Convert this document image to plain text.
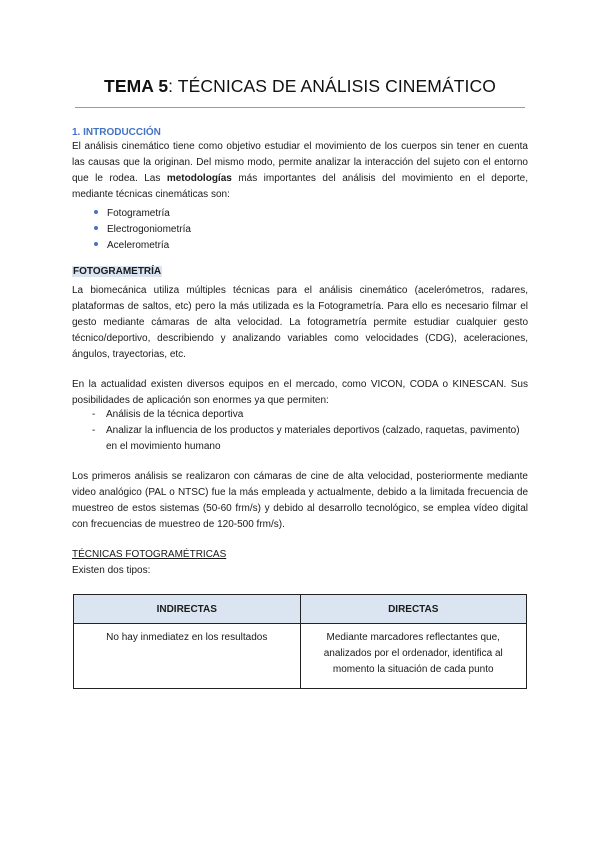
TEMA 5: TÉCNICAS DE ANÁLISIS CINEMÁTICO
1. INTRODUCCIÓN
El análisis cinemático tiene como objetivo estudiar el movimiento de los cuerpos sin tener en cuenta
las causas que la originan. Del mismo modo, permite analizar la interacción del sujeto con el entorno
que le rodea. Las metodologías más importantes del análisis del movimiento en el deporte,
mediante técnicas cinemáticas son:
Fotogrametría
Electrogoniometría
Acelerometría
FOTOGRAMETRÍA
La biomecánica utiliza múltiples técnicas para el análisis cinemático (acelerómetros, radares,
plataformas de saltos, etc) pero la más utilizada es la Fotogrametría. Para ello es necesario filmar el
gesto mediante cámaras de alta velocidad. La fotogrametría permite estudiar cualquier gesto
técnico/deportivo, describiendo y analizando variables como velocidades (CDG), aceleraciones,
ángulos, trayectorias, etc.
En la actualidad existen diversos equipos en el mercado, como VICON, CODA o KINESCAN. Sus
posibilidades de aplicación son enormes ya que permiten:
- Análisis de la técnica deportiva
- Analizar la influencia de los productos y materiales deportivos (calzado, raquetas, pavimento)
en el movimiento humano
Los primeros análisis se realizaron con cámaras de cine de alta velocidad, posteriormente mediante
video analógico (PAL o NTSC) fue la más empleada y actualmente, debido a la limitada frecuencia de
muestreo de estos sistemas (50-60 frm/s) y debido al desarrollo tecnológico, se emplea vídeo digital
con frecuencias de muestreo de 120-500 frm/s).
TÉCNICAS FOTOGRAMÉTRICAS
Existen dos tipos:
INDIRECTAS	DIRECTAS
No hay inmediatez en los resultados	Mediante marcadores reflectantes que,
analizados por el ordenador, identifica al
momento la situación de cada punto
